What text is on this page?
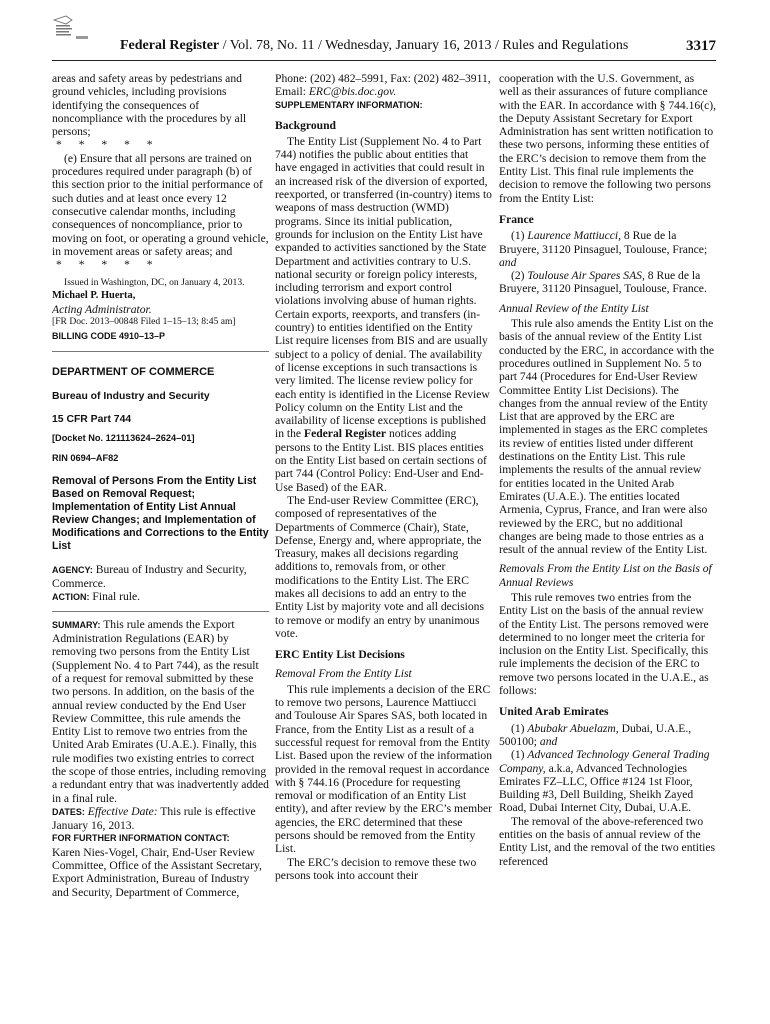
Federal Register / Vol. 78, No. 11 / Wednesday, January 16, 2013 / Rules and Regulations	3317

areas and safety areas by pedestrians and ground vehicles, including provisions identifying the consequences of noncompliance with the procedures by all persons;

* * * * *

(e) Ensure that all persons are trained on procedures required under paragraph (b) of this section prior to the initial performance of such duties and at least once every 12 consecutive calendar months, including consequences of noncompliance, prior to moving on foot, or operating a ground vehicle, in movement areas or safety areas; and

* * * * *

Issued in Washington, DC, on January 4, 2013.

Michael P. Huerta,

Acting Administrator.

[FR Doc. 2013–00848 Filed 1–15–13; 8:45 am]

BILLING CODE 4910–13–P

DEPARTMENT OF COMMERCE

Bureau of Industry and Security

15 CFR Part 744

[Docket No. 121113624–2624–01]

RIN 0694–AF82

Removal of Persons From the Entity List Based on Removal Request; Implementation of Entity List Annual Review Changes; and Implementation of Modifications and Corrections to the Entity List

AGENCY: Bureau of Industry and Security, Commerce.

ACTION: Final rule.

SUMMARY: This rule amends the Export Administration Regulations (EAR) by removing two persons from the Entity List (Supplement No. 4 to Part 744), as the result of a request for removal submitted by these two persons. In addition, on the basis of the annual review conducted by the End User Review Committee, this rule amends the Entity List to remove two entries from the United Arab Emirates (U.A.E.). Finally, this rule modifies two existing entries to correct the scope of those entries, including removing a redundant entry that was inadvertently added in a final rule.

DATES: Effective Date: This rule is effective January 16, 2013.

FOR FURTHER INFORMATION CONTACT:

Karen Nies-Vogel, Chair, End-User Review Committee, Office of the Assistant Secretary, Export Administration, Bureau of Industry and Security, Department of Commerce,

Phone: (202) 482–5991, Fax: (202) 482–3911, Email: ERC@bis.doc.gov.

SUPPLEMENTARY INFORMATION:

Background

The Entity List (Supplement No. 4 to Part 744) notifies the public about entities that have engaged in activities that could result in an increased risk of the diversion of exported, reexported, or transferred (in-country) items to weapons of mass destruction (WMD) programs. Since its initial publication, grounds for inclusion on the Entity List have expanded to activities sanctioned by the State Department and activities contrary to U.S. national security or foreign policy interests, including terrorism and export control violations involving abuse of human rights. Certain exports, reexports, and transfers (in-country) to entities identified on the Entity List require licenses from BIS and are usually subject to a policy of denial. The availability of license exceptions in such transactions is very limited. The license review policy for each entity is identified in the License Review Policy column on the Entity List and the availability of license exceptions is published in the Federal Register notices adding persons to the Entity List. BIS places entities on the Entity List based on certain sections of part 744 (Control Policy: End-User and End-Use Based) of the EAR.

The End-user Review Committee (ERC), composed of representatives of the Departments of Commerce (Chair), State, Defense, Energy and, where appropriate, the Treasury, makes all decisions regarding additions to, removals from, or other modifications to the Entity List. The ERC makes all decisions to add an entry to the Entity List by majority vote and all decisions to remove or modify an entry by unanimous vote.

ERC Entity List Decisions

Removal From the Entity List

This rule implements a decision of the ERC to remove two persons, Laurence Mattiucci and Toulouse Air Spares SAS, both located in France, from the Entity List as a result of a successful request for removal from the Entity List. Based upon the review of the information provided in the removal request in accordance with § 744.16 (Procedure for requesting removal or modification of an Entity List entity), and after review by the ERC’s member agencies, the ERC determined that these persons should be removed from the Entity List.

The ERC’s decision to remove these two persons took into account their

cooperation with the U.S. Government, as well as their assurances of future compliance with the EAR. In accordance with § 744.16(c), the Deputy Assistant Secretary for Export Administration has sent written notification to these two persons, informing these entities of the ERC’s decision to remove them from the Entity List. This final rule implements the decision to remove the following two persons from the Entity List:

France

(1) Laurence Mattiucci, 8 Rue de la Bruyere, 31120 Pinsaguel, Toulouse, France; and

(2) Toulouse Air Spares SAS, 8 Rue de la Bruyere, 31120 Pinsaguel, Toulouse, France.

Annual Review of the Entity List

This rule also amends the Entity List on the basis of the annual review of the Entity List conducted by the ERC, in accordance with the procedures outlined in Supplement No. 5 to part 744 (Procedures for End-User Review Committee Entity List Decisions). The changes from the annual review of the Entity List that are approved by the ERC are implemented in stages as the ERC completes its review of entities listed under different destinations on the Entity List. This rule implements the results of the annual review for entities located in the United Arab Emirates (U.A.E.). The entities located Armenia, Cyprus, France, and Iran were also reviewed by the ERC, but no additional changes are being made to those entries as a result of the annual review of the Entity List.

Removals From the Entity List on the Basis of Annual Reviews

This rule removes two entries from the Entity List on the basis of the annual review of the Entity List. The persons removed were determined to no longer meet the criteria for inclusion on the Entity List. Specifically, this rule implements the decision of the ERC to remove two persons located in the U.A.E., as follows:

United Arab Emirates

(1) Abubakr Abuelazm, Dubai, U.A.E., 500100; and

(1) Advanced Technology General Trading Company, a.k.a, Advanced Technologies Emirates FZ–LLC, Office #124 1st Floor, Building #3, Dell Building, Sheikh Zayed Road, Dubai Internet City, Dubai, U.A.E.

The removal of the above-referenced two entities on the basis of annual review of the Entity List, and the removal of the two entities referenced
